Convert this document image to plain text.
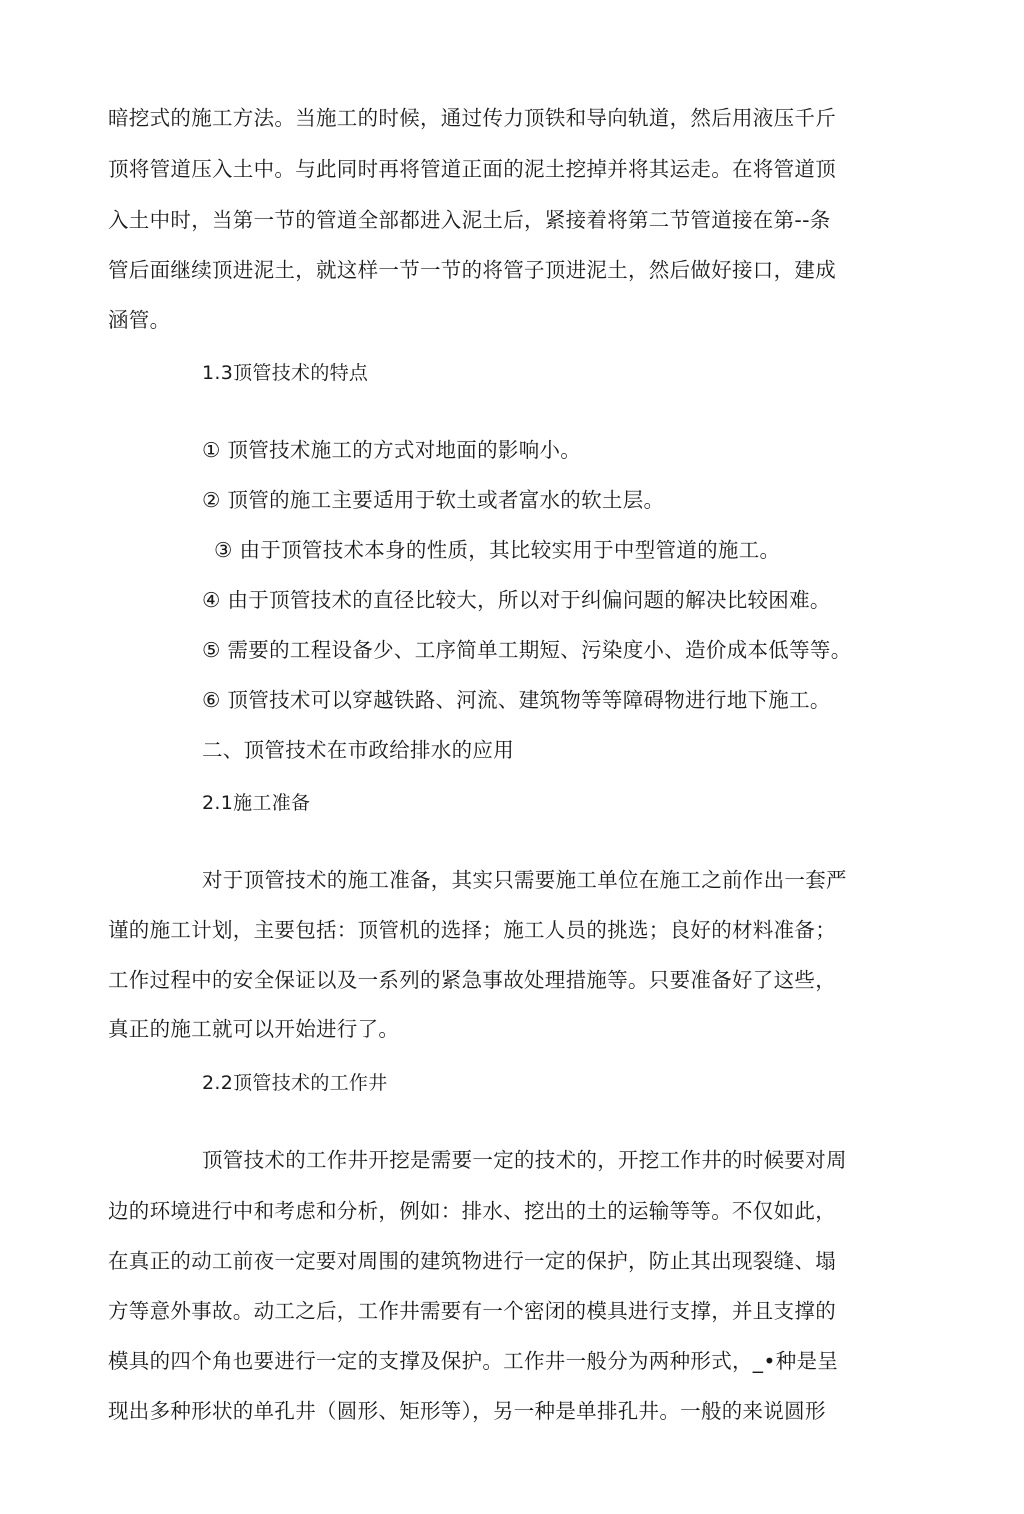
暗挖式的施工方法。当施工的时候，通过传力顶铁和导向轨道，然后用液压千斤
顶将管道压入土中。与此同时再将管道正面的泥土挖掉并将其运走。在将管道顶
入土中时，当第一节的管道全部都进入泥土后，紧接着将第二节管道接在第--条
管后面继续顶进泥土，就这样一节一节的将管子顶进泥土，然后做好接口，建成
涵管。
1.3顶管技术的特点
① 顶管技术施工的方式对地面的影响小。
② 顶管的施工主要适用于软土或者富水的软土层。
③ 由于顶管技术本身的性质，其比较实用于中型管道的施工。
④ 由于顶管技术的直径比较大，所以对于纠偏问题的解决比较困难。
⑤ 需要的工程设备少、工序简单工期短、污染度小、造价成本低等等。
⑥ 顶管技术可以穿越铁路、河流、建筑物等等障碍物进行地下施工。
二、顶管技术在市政给排水的应用
2.1施工准备
对于顶管技术的施工准备，其实只需要施工单位在施工之前作出一套严
谨的施工计划，主要包括：顶管机的选择；施工人员的挑选；良好的材料准备；
工作过程中的安全保证以及一系列的紧急事故处理措施等。只要准备好了这些，
真正的施工就可以开始进行了。
2.2顶管技术的工作井
顶管技术的工作井开挖是需要一定的技术的，开挖工作井的时候要对周
边的环境进行中和考虑和分析，例如：排水、挖出的土的运输等等。不仅如此，
在真正的动工前夜一定要对周围的建筑物进行一定的保护，防止其出现裂缝、塌
方等意外事故。动工之后，工作井需要有一个密闭的模具进行支撑，并且支撑的
模具的四个角也要进行一定的支撑及保护。工作井一般分为两种形式，_•种是呈
现出多种形状的单孔井（圆形、矩形等），另一种是单排孔井。一般的来说圆形
